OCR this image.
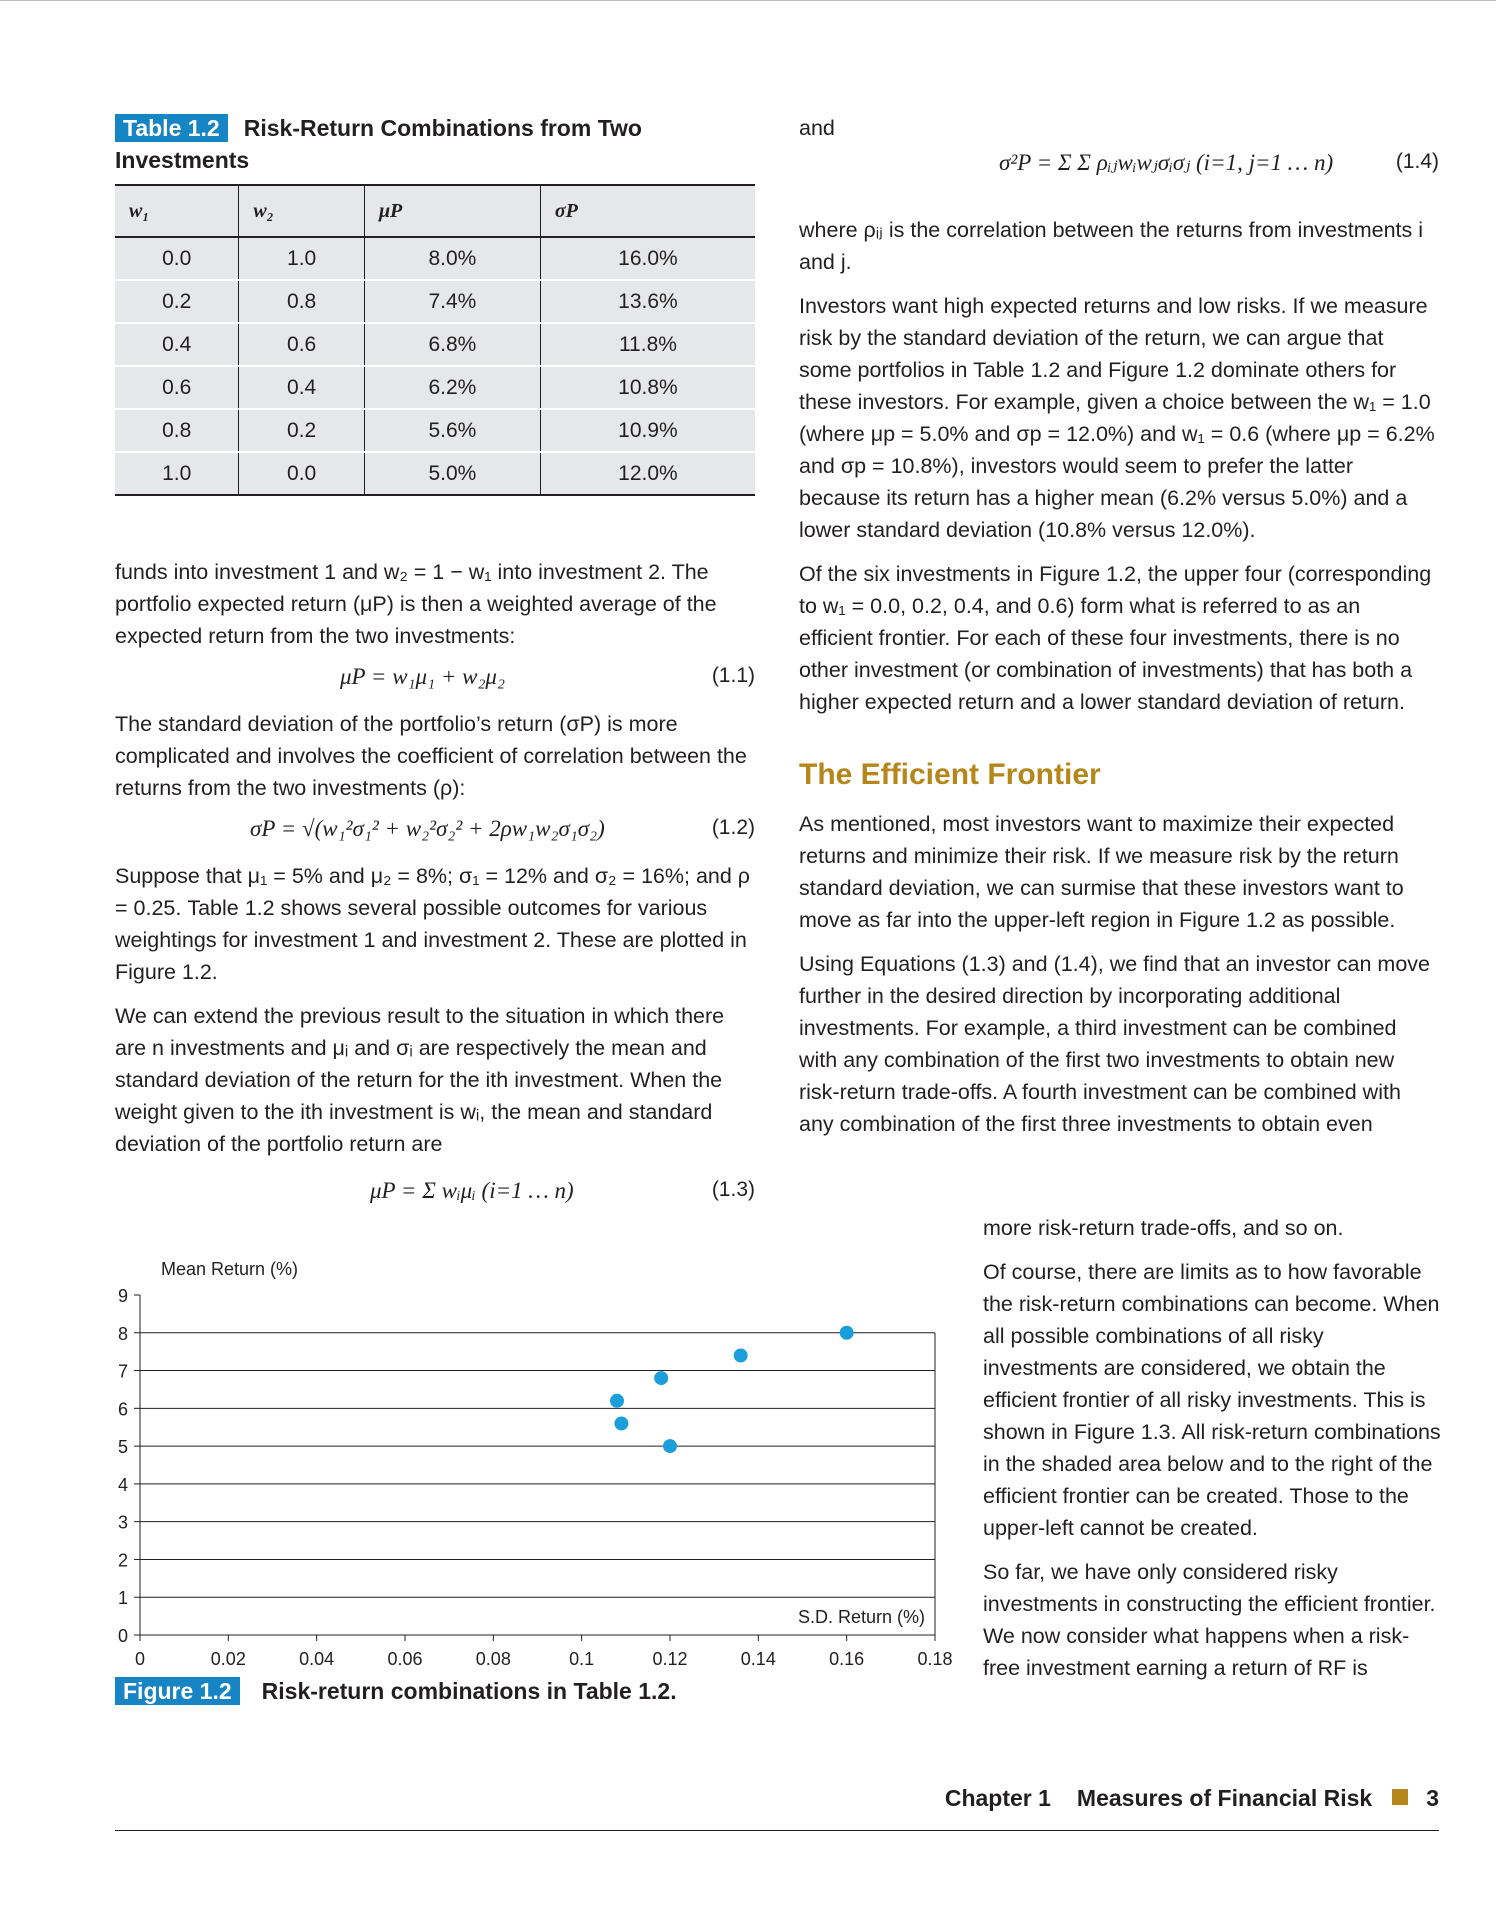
Table 1.2 Risk-Return Combinations from Two Investments

w₁	w₂	μP	σP
0.0	1.0	8.0%	16.0%
0.2	0.8	7.4%	13.6%
0.4	0.6	6.8%	11.8%
0.6	0.4	6.2%	10.8%
0.8	0.2	5.6%	10.9%
1.0	0.0	5.0%	12.0%

funds into investment 1 and w₂ = 1 − w₁ into investment 2. The portfolio expected return (μP) is then a weighted average of the expected return from the two investments:

μP = w₁μ₁ + w₂μ₂	(1.1)

The standard deviation of the portfolio’s return (σP) is more complicated and involves the coefficient of correlation between the returns from the two investments (ρ):

σP = √(w₁²σ₁² + w₂²σ₂² + 2ρw₁w₂σ₁σ₂)	(1.2)

Suppose that μ₁ = 5% and μ₂ = 8%; σ₁ = 12% and σ₂ = 16%; and ρ = 0.25. Table 1.2 shows several possible outcomes for various weightings for investment 1 and investment 2. These are plotted in Figure 1.2.

We can extend the previous result to the situation in which there are n investments and μᵢ and σᵢ are respectively the mean and standard deviation of the return for the ith investment. When the weight given to the ith investment is wᵢ, the mean and standard deviation of the portfolio return are

μP = Σ wᵢμᵢ (i=1 … n)	(1.3)

and

σ²P = Σ Σ ρᵢⱼwᵢwⱼσᵢσⱼ (i=1, j=1 … n)	(1.4)

where ρᵢⱼ is the correlation between the returns from investments i and j.

Investors want high expected returns and low risks. If we measure risk by the standard deviation of the return, we can argue that some portfolios in Table 1.2 and Figure 1.2 dominate others for these investors. For example, given a choice between the w₁ = 1.0 (where μp = 5.0% and σp = 12.0%) and w₁ = 0.6 (where μp = 6.2% and σp = 10.8%), investors would seem to prefer the latter because its return has a higher mean (6.2% versus 5.0%) and a lower standard deviation (10.8% versus 12.0%).

Of the six investments in Figure 1.2, the upper four (corresponding to w₁ = 0.0, 0.2, 0.4, and 0.6) form what is referred to as an efficient frontier. For each of these four investments, there is no other investment (or combination of investments) that has both a higher expected return and a lower standard deviation of return.

The Efficient Frontier

As mentioned, most investors want to maximize their expected returns and minimize their risk. If we measure risk by the return standard deviation, we can surmise that these investors want to move as far into the upper-left region in Figure 1.2 as possible.

Using Equations (1.3) and (1.4), we find that an investor can move further in the desired direction by incorporating additional investments. For example, a third investment can be combined with any combination of the first two investments to obtain new risk-return trade-offs. A fourth investment can be combined with any combination of the first three investments to obtain even

more risk-return trade-offs, and so on.

Of course, there are limits as to how favorable the risk-return combinations can become. When all possible combinations of all risky investments are considered, we obtain the efficient frontier of all risky investments. This is shown in Figure 1.3. All risk-return combinations in the shaded area below and to the right of the efficient frontier can be created. Those to the upper-left cannot be created.

So far, we have only considered risky investments in constructing the efficient frontier. We now consider what happens when a risk-free investment earning a return of RF is

0
1
2
3
4
5
6
7
8
9
0	0.02	0.04	0.06	0.08	0.1	0.12	0.14	0.16	0.18
Mean Return (%)
S.D. Return (%)
Figure 1.2 Risk-return combinations in Table 1.2.
Chapter 1 Measures of Financial Risk 3
